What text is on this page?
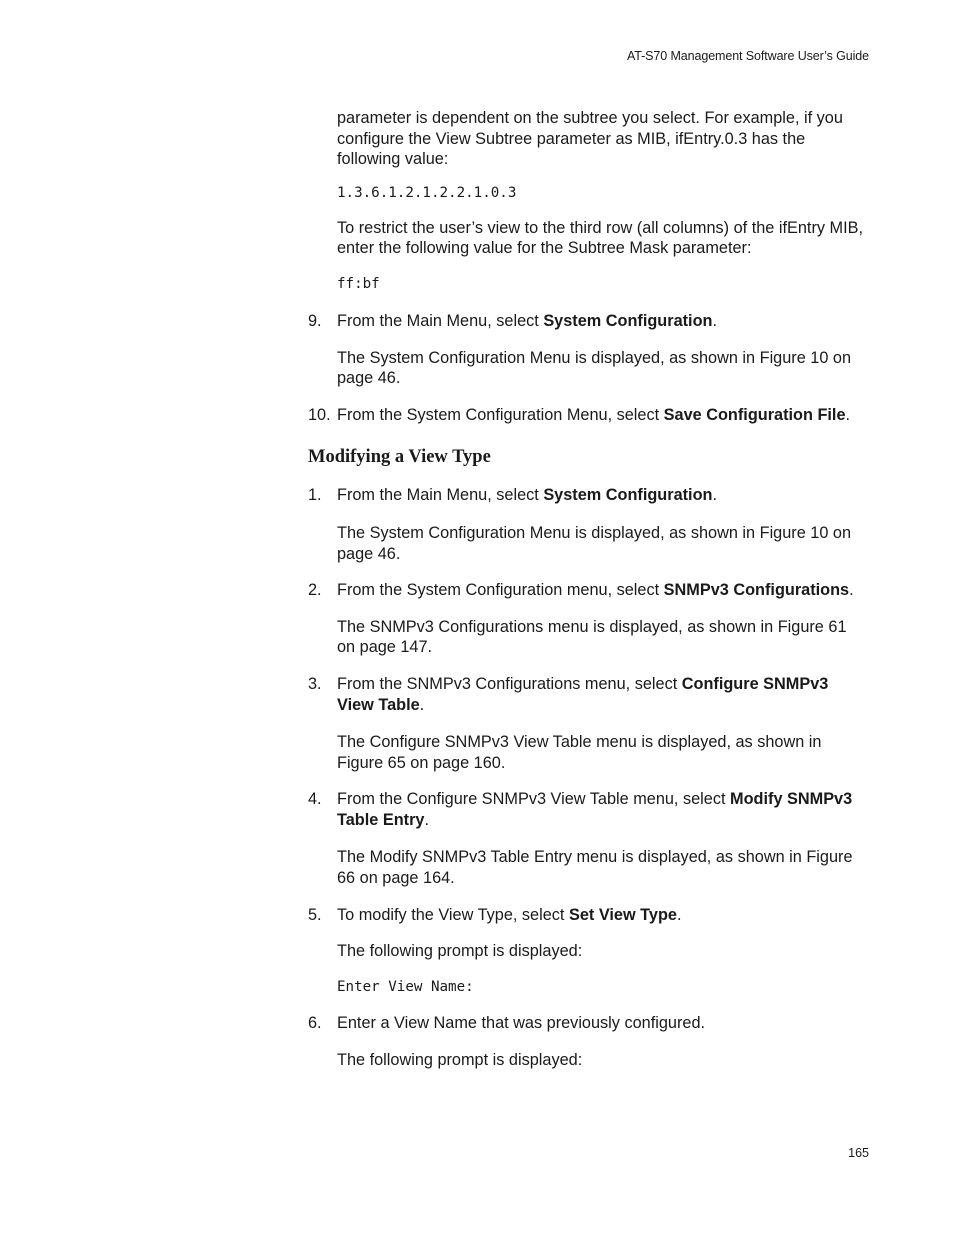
AT-S70 Management Software User’s Guide

parameter is dependent on the subtree you select. For example, if you configure the View Subtree parameter as MIB, ifEntry.0.3 has the following value:

1.3.6.1.2.1.2.2.1.0.3

To restrict the user’s view to the third row (all columns) of the ifEntry MIB, enter the following value for the Subtree Mask parameter:

ff:bf
9. From the Main Menu, select System Configuration.

The System Configuration Menu is displayed, as shown in Figure 10 on page 46.

10. From the System Configuration Menu, select Save Configuration File.
Modifying a View Type
1. From the Main Menu, select System Configuration.

The System Configuration Menu is displayed, as shown in Figure 10 on page 46.

2. From the System Configuration menu, select SNMPv3 Configurations.

The SNMPv3 Configurations menu is displayed, as shown in Figure 61 on page 147.

3. From the SNMPv3 Configurations menu, select Configure SNMPv3 View Table.

The Configure SNMPv3 View Table menu is displayed, as shown in Figure 65 on page 160.

4. From the Configure SNMPv3 View Table menu, select Modify SNMPv3 Table Entry.

The Modify SNMPv3 Table Entry menu is displayed, as shown in Figure 66 on page 164.

5. To modify the View Type, select Set View Type.

The following prompt is displayed:

Enter View Name:
6. Enter a View Name that was previously configured.

The following prompt is displayed:

165
